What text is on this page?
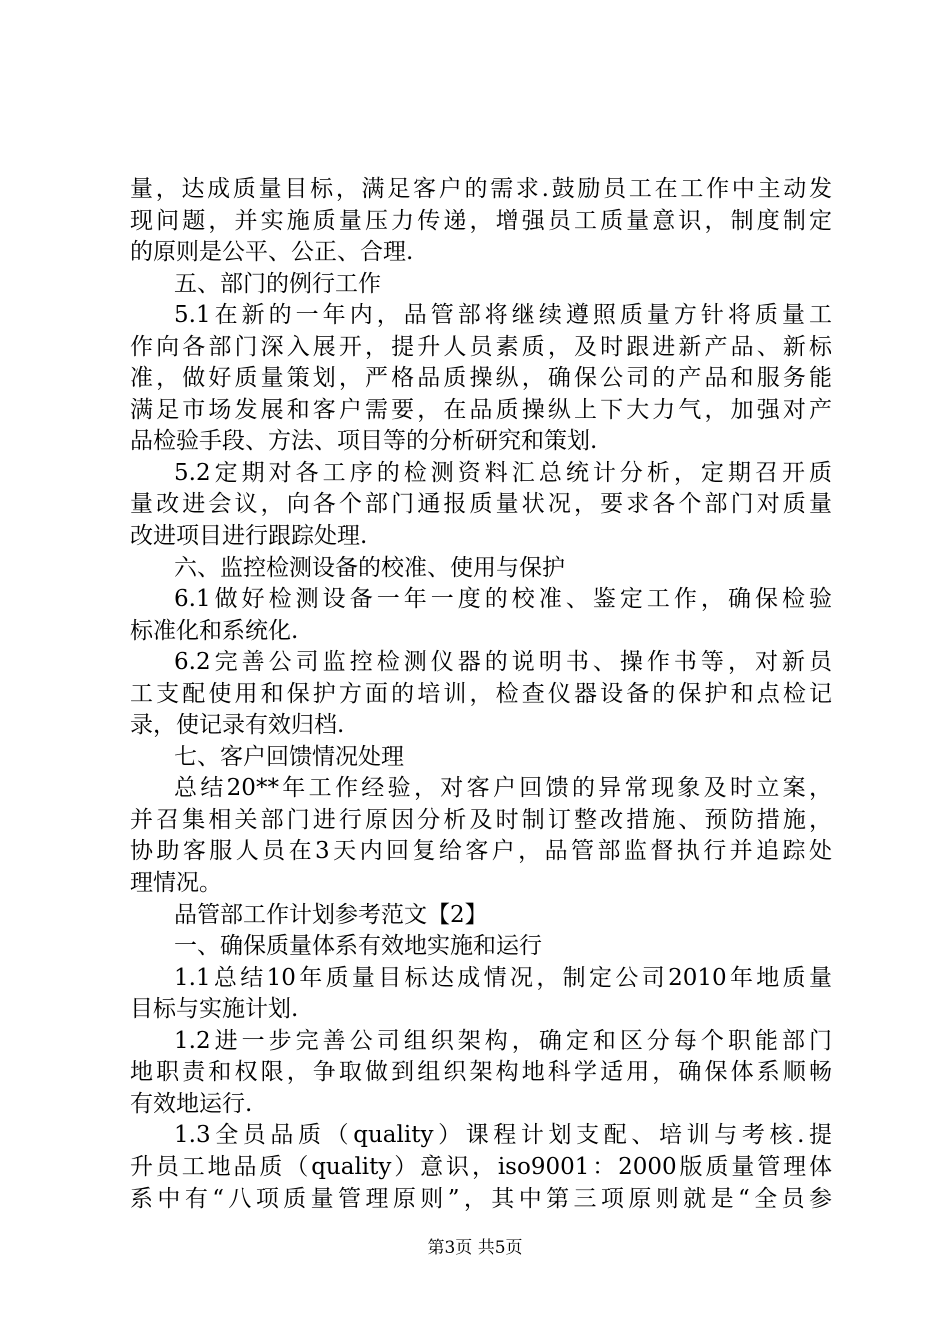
量，达成质量目标，满足客户的需求.鼓励员工在工作中主动发
现问题，并实施质量压力传递，增强员工质量意识，制度制定
的原则是公平、公正、合理.
五、部门的例行工作
5.1在新的一年内，品管部将继续遵照质量方针将质量工
作向各部门深入展开，提升人员素质，及时跟进新产品、新标
准，做好质量策划，严格品质操纵，确保公司的产品和服务能
满足市场发展和客户需要，在品质操纵上下大力气，加强对产
品检验手段、方法、项目等的分析研究和策划.
5.2定期对各工序的检测资料汇总统计分析，定期召开质
量改进会议，向各个部门通报质量状况，要求各个部门对质量
改进项目进行跟踪处理.
六、监控检测设备的校准、使用与保护
6.1做好检测设备一年一度的校准、鉴定工作，确保检验
标准化和系统化.
6.2完善公司监控检测仪器的说明书、操作书等，对新员
工支配使用和保护方面的培训，检查仪器设备的保护和点检记
录，使记录有效归档.
七、客户回馈情况处理
总结20**年工作经验，对客户回馈的异常现象及时立案，
并召集相关部门进行原因分析及时制订整改措施、预防措施，
协助客服人员在3天内回复给客户，品管部监督执行并追踪处
理情况。
品管部工作计划参考范文【2】
一、确保质量体系有效地实施和运行
1.1总结10年质量目标达成情况，制定公司2010年地质量
目标与实施计划.
1.2进一步完善公司组织架构，确定和区分每个职能部门
地职责和权限，争取做到组织架构地科学适用，确保体系顺畅
有效地运行.
1.3全员品质（quality）课程计划支配、培训与考核.提
升员工地品质（quality）意识，iso9001：2000版质量管理体
系中有“八项质量管理原则”，其中第三项原则就是“全员参
第3页 共5页
